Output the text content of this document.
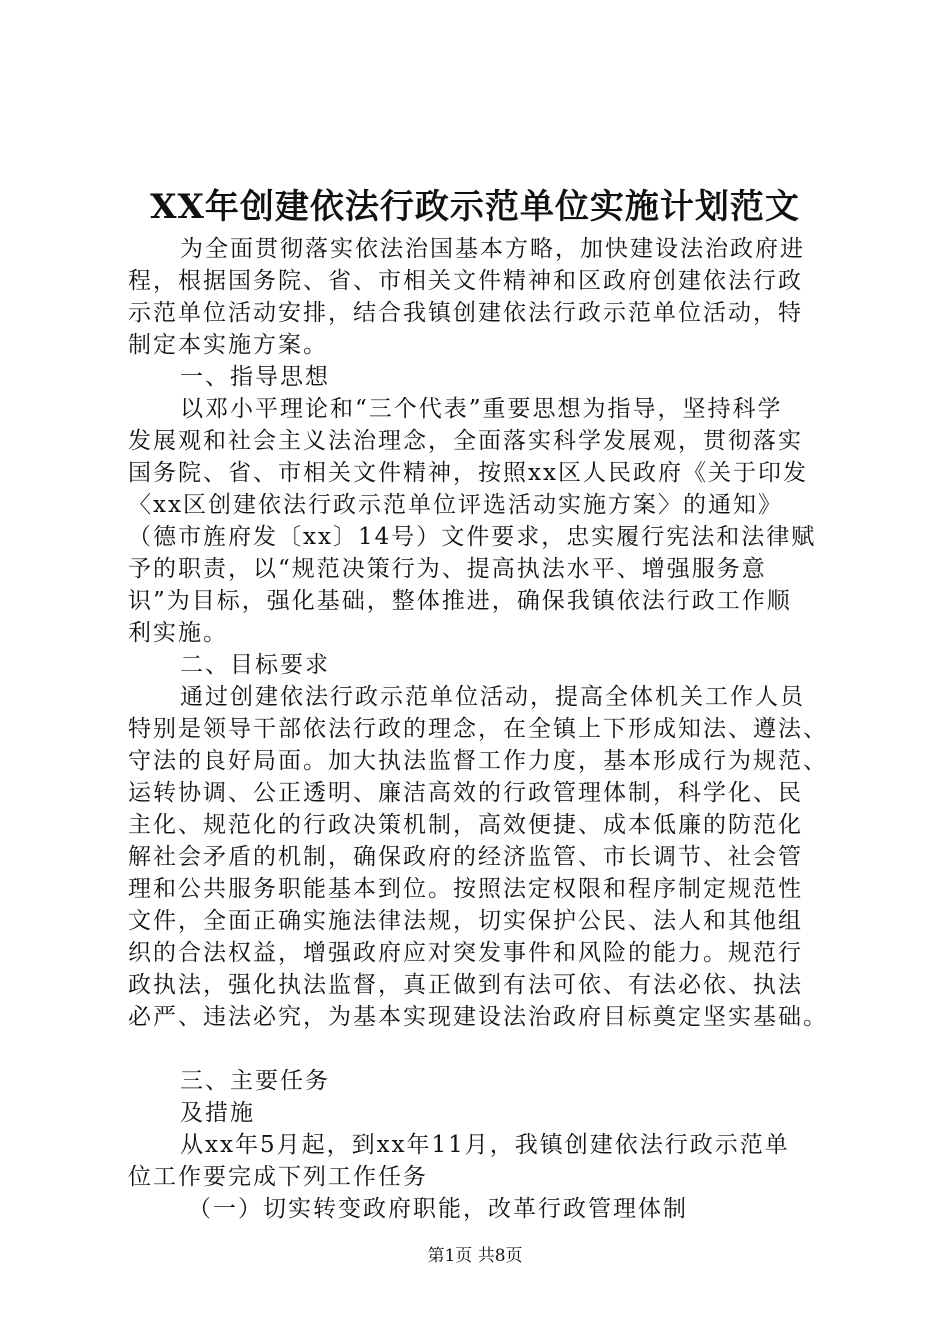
XX年创建依法行政示范单位实施计划范文
为全面贯彻落实依法治国基本方略，加快建设法治政府进
程，根据国务院、省、市相关文件精神和区政府创建依法行政
示范单位活动安排，结合我镇创建依法行政示范单位活动，特
制定本实施方案。
一、指导思想
以邓小平理论和“三个代表”重要思想为指导，坚持科学
发展观和社会主义法治理念，全面落实科学发展观，贯彻落实
国务院、省、市相关文件精神，按照xx区人民政府《关于印发
〈xx区创建依法行政示范单位评选活动实施方案〉的通知》
（德市旌府发〔xx〕14号）文件要求，忠实履行宪法和法律赋
予的职责，以“规范决策行为、提高执法水平、增强服务意
识”为目标，强化基础，整体推进，确保我镇依法行政工作顺
利实施。
二、目标要求
通过创建依法行政示范单位活动，提高全体机关工作人员
特别是领导干部依法行政的理念，在全镇上下形成知法、遵法、
守法的良好局面。加大执法监督工作力度，基本形成行为规范、
运转协调、公正透明、廉洁高效的行政管理体制，科学化、民
主化、规范化的行政决策机制，高效便捷、成本低廉的防范化
解社会矛盾的机制，确保政府的经济监管、市长调节、社会管
理和公共服务职能基本到位。按照法定权限和程序制定规范性
文件，全面正确实施法律法规，切实保护公民、法人和其他组
织的合法权益，增强政府应对突发事件和风险的能力。规范行
政执法，强化执法监督，真正做到有法可依、有法必依、执法
必严、违法必究，为基本实现建设法治政府目标奠定坚实基础。
三、主要任务
及措施
从xx年5月起，到xx年11月，我镇创建依法行政示范单
位工作要完成下列工作任务
（一）切实转变政府职能，改革行政管理体制
第1页 共8页
